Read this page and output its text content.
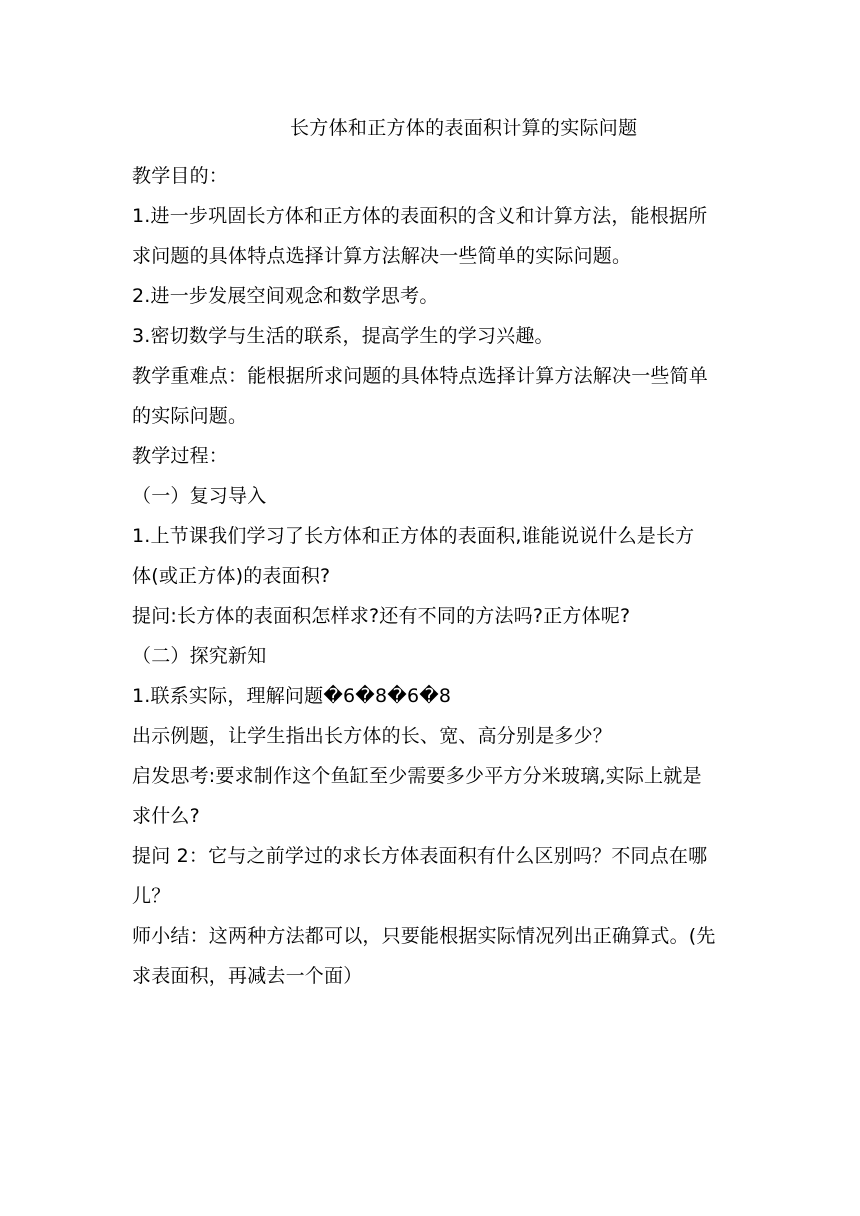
长方体和正方体的表面积计算的实际问题

教学目的：

1.进一步巩固长方体和正方体的表面积的含义和计算方法，能根据所

求问题的具体特点选择计算方法解决一些简单的实际问题。

2.进一步发展空间观念和数学思考。

3.密切数学与生活的联系，提高学生的学习兴趣。

教学重难点：能根据所求问题的具体特点选择计算方法解决一些简单

的实际问题。

教学过程：

（一）复习导入

1.上节课我们学习了长方体和正方体的表面积,谁能说说什么是长方

体(或正方体)的表面积?

提问:长方体的表面积怎样求?还有不同的方法吗?正方体呢?

（二）探究新知

1.联系实际，理解问题�6�8�6�8

出示例题，让学生指出长方体的长、宽、高分别是多少？

启发思考:要求制作这个鱼缸至少需要多少平方分米玻璃,实际上就是

求什么?

提问 2：它与之前学过的求长方体表面积有什么区别吗？不同点在哪

儿？

师小结：这两种方法都可以，只要能根据实际情况列出正确算式。(先

求表面积，再减去一个面）
